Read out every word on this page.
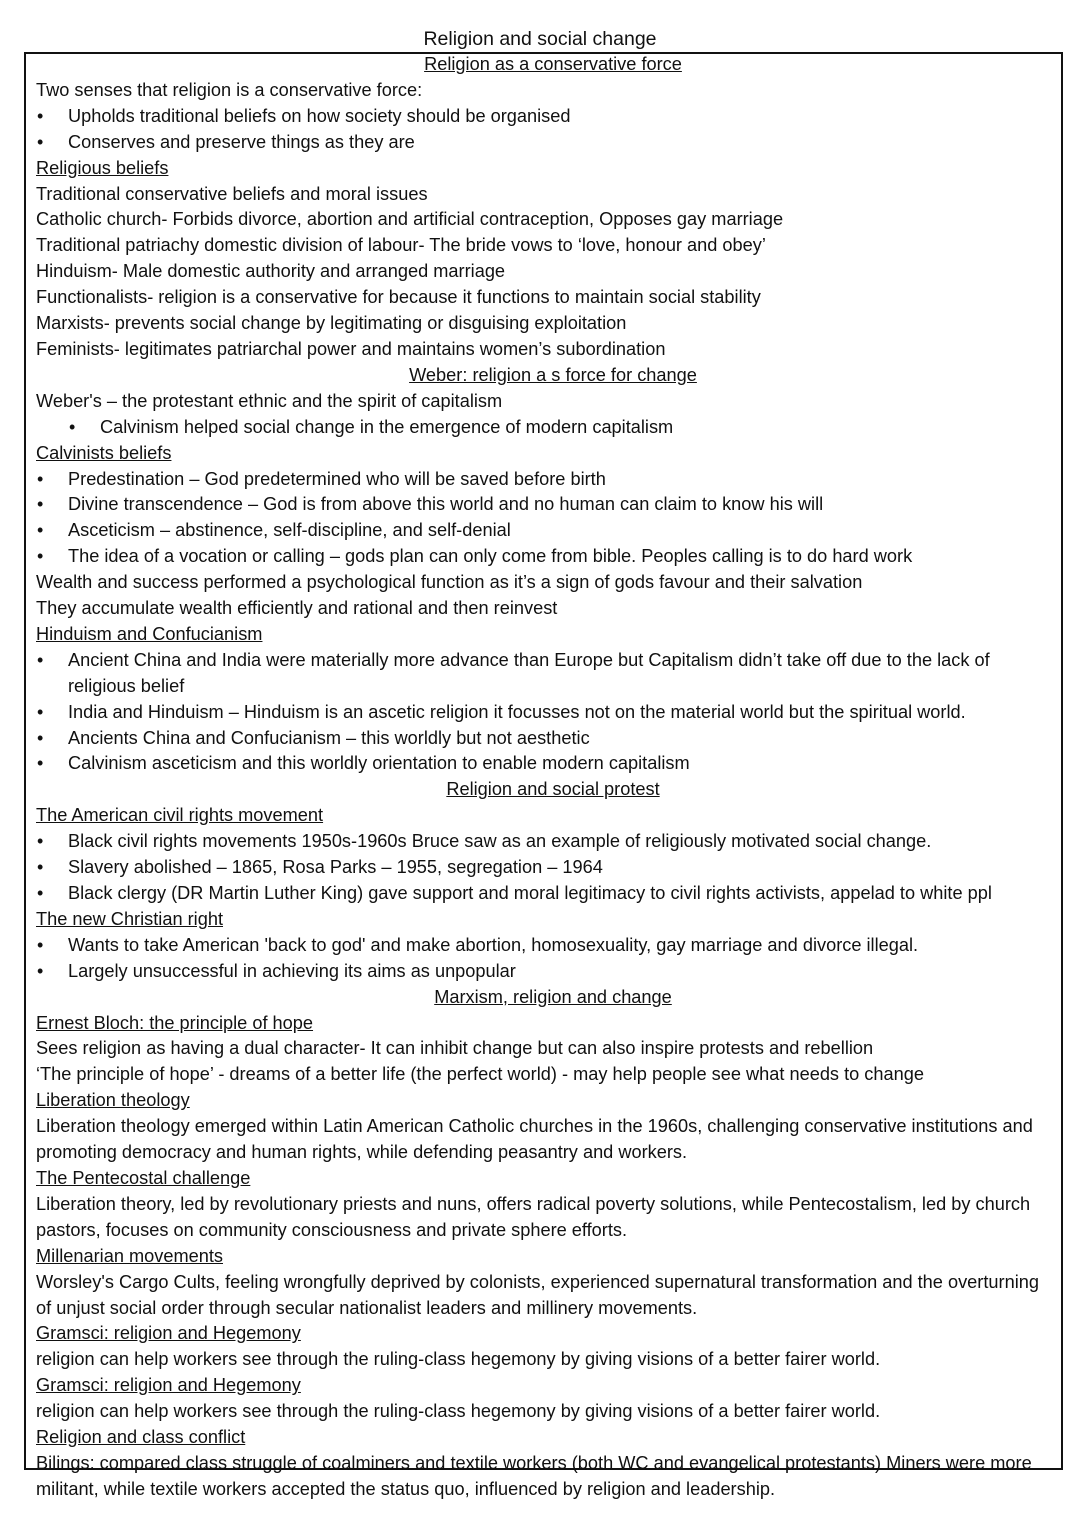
Religion and social change
Religion as a conservative force
Two senses that religion is a conservative force:
• Upholds traditional beliefs on how society should be organised
• Conserves and preserve things as they are
Religious beliefs
Traditional conservative beliefs and moral issues
Catholic church- Forbids divorce, abortion and artificial contraception, Opposes gay marriage
Traditional patriachy domestic division of labour- The bride vows to ‘love, honour and obey’
Hinduism- Male domestic authority and arranged marriage
Functionalists- religion is a conservative for because it functions to maintain social stability
Marxists- prevents social change by legitimating or disguising exploitation
Feminists- legitimates patriarchal power and maintains women’s subordination
Weber: religion a s force for change
Weber's – the protestant ethnic and the spirit of capitalism
• Calvinism helped social change in the emergence of modern capitalism
Calvinists beliefs
• Predestination – God predetermined who will be saved before birth
• Divine transcendence – God is from above this world and no human can claim to know his will
• Asceticism – abstinence, self-discipline, and self-denial
• The idea of a vocation or calling – gods plan can only come from bible. Peoples calling is to do hard work
Wealth and success performed a psychological function as it’s a sign of gods favour and their salvation
They accumulate wealth efficiently and rational and then reinvest
Hinduism and Confucianism
• Ancient China and India were materially more advance than Europe but Capitalism didn’t take off due to the lack of religious belief
• India and Hinduism – Hinduism is an ascetic religion it focusses not on the material world but the spiritual world.
• Ancients China and Confucianism – this worldly but not aesthetic
• Calvinism asceticism and this worldly orientation to enable modern capitalism
Religion and social protest
The American civil rights movement
• Black civil rights movements 1950s-1960s Bruce saw as an example of religiously motivated social change.
• Slavery abolished – 1865, Rosa Parks – 1955, segregation – 1964
• Black clergy (DR Martin Luther King) gave support and moral legitimacy to civil rights activists, appelad to white ppl
The new Christian right
• Wants to take American 'back to god' and make abortion, homosexuality, gay marriage and divorce illegal.
• Largely unsuccessful in achieving its aims as unpopular
Marxism, religion and change
Ernest Bloch: the principle of hope
Sees religion as having a dual character- It can inhibit change but can also inspire protests and rebellion
‘The principle of hope’ - dreams of a better life (the perfect world) - may help people see what needs to change
Liberation theology
Liberation theology emerged within Latin American Catholic churches in the 1960s, challenging conservative institutions and promoting democracy and human rights, while defending peasantry and workers.
The Pentecostal challenge
Liberation theory, led by revolutionary priests and nuns, offers radical poverty solutions, while Pentecostalism, led by church pastors, focuses on community consciousness and private sphere efforts.
Millenarian movements
Worsley's Cargo Cults, feeling wrongfully deprived by colonists, experienced supernatural transformation and the overturning of unjust social order through secular nationalist leaders and millinery movements.
Gramsci: religion and Hegemony
religion can help workers see through the ruling-class hegemony by giving visions of a better fairer world.
Gramsci: religion and Hegemony
religion can help workers see through the ruling-class hegemony by giving visions of a better fairer world.
Religion and class conflict
Bilings: compared class struggle of coalminers and textile workers (both WC and evangelical protestants) Miners were more militant, while textile workers accepted the status quo, influenced by religion and leadership.
